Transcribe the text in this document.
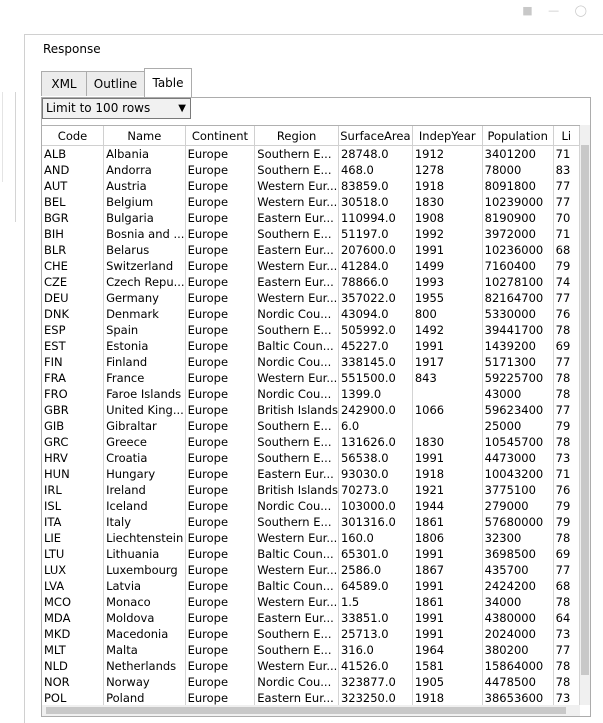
■ — ◯
Response
XML	Outline	Table
Limit to 100 rows	▼
Code	Name	Continent	Region	SurfaceArea	IndepYear	Population	Li
ALB	Albania	Europe	Southern E...	28748.0	1912	3401200	71
AND	Andorra	Europe	Southern E...	468.0	1278	78000	83
AUT	Austria	Europe	Western Eur...	83859.0	1918	8091800	77
BEL	Belgium	Europe	Western Eur...	30518.0	1830	10239000	77
BGR	Bulgaria	Europe	Eastern Eur...	110994.0	1908	8190900	70
BIH	Bosnia and ...	Europe	Southern E...	51197.0	1992	3972000	71
BLR	Belarus	Europe	Eastern Eur...	207600.0	1991	10236000	68
CHE	Switzerland	Europe	Western Eur...	41284.0	1499	7160400	79
CZE	Czech Repu...	Europe	Eastern Eur...	78866.0	1993	10278100	74
DEU	Germany	Europe	Western Eur...	357022.0	1955	82164700	77
DNK	Denmark	Europe	Nordic Cou...	43094.0	800	5330000	76
ESP	Spain	Europe	Southern E...	505992.0	1492	39441700	78
EST	Estonia	Europe	Baltic Coun...	45227.0	1991	1439200	69
FIN	Finland	Europe	Nordic Cou...	338145.0	1917	5171300	77
FRA	France	Europe	Western Eur...	551500.0	843	59225700	78
FRO	Faroe Islands	Europe	Nordic Cou...	1399.0		43000	78
GBR	United King...	Europe	British Islands	242900.0	1066	59623400	77
GIB	Gibraltar	Europe	Southern E...	6.0		25000	79
GRC	Greece	Europe	Southern E...	131626.0	1830	10545700	78
HRV	Croatia	Europe	Southern E...	56538.0	1991	4473000	73
HUN	Hungary	Europe	Eastern Eur...	93030.0	1918	10043200	71
IRL	Ireland	Europe	British Islands	70273.0	1921	3775100	76
ISL	Iceland	Europe	Nordic Cou...	103000.0	1944	279000	79
ITA	Italy	Europe	Southern E...	301316.0	1861	57680000	79
LIE	Liechtenstein	Europe	Western Eur...	160.0	1806	32300	78
LTU	Lithuania	Europe	Baltic Coun...	65301.0	1991	3698500	69
LUX	Luxembourg	Europe	Western Eur...	2586.0	1867	435700	77
LVA	Latvia	Europe	Baltic Coun...	64589.0	1991	2424200	68
MCO	Monaco	Europe	Western Eur...	1.5	1861	34000	78
MDA	Moldova	Europe	Eastern Eur...	33851.0	1991	4380000	64
MKD	Macedonia	Europe	Southern E...	25713.0	1991	2024000	73
MLT	Malta	Europe	Southern E...	316.0	1964	380200	77
NLD	Netherlands	Europe	Western Eur...	41526.0	1581	15864000	78
NOR	Norway	Europe	Nordic Cou...	323877.0	1905	4478500	78
POL	Poland	Europe	Eastern Eur...	323250.0	1918	38653600	73
